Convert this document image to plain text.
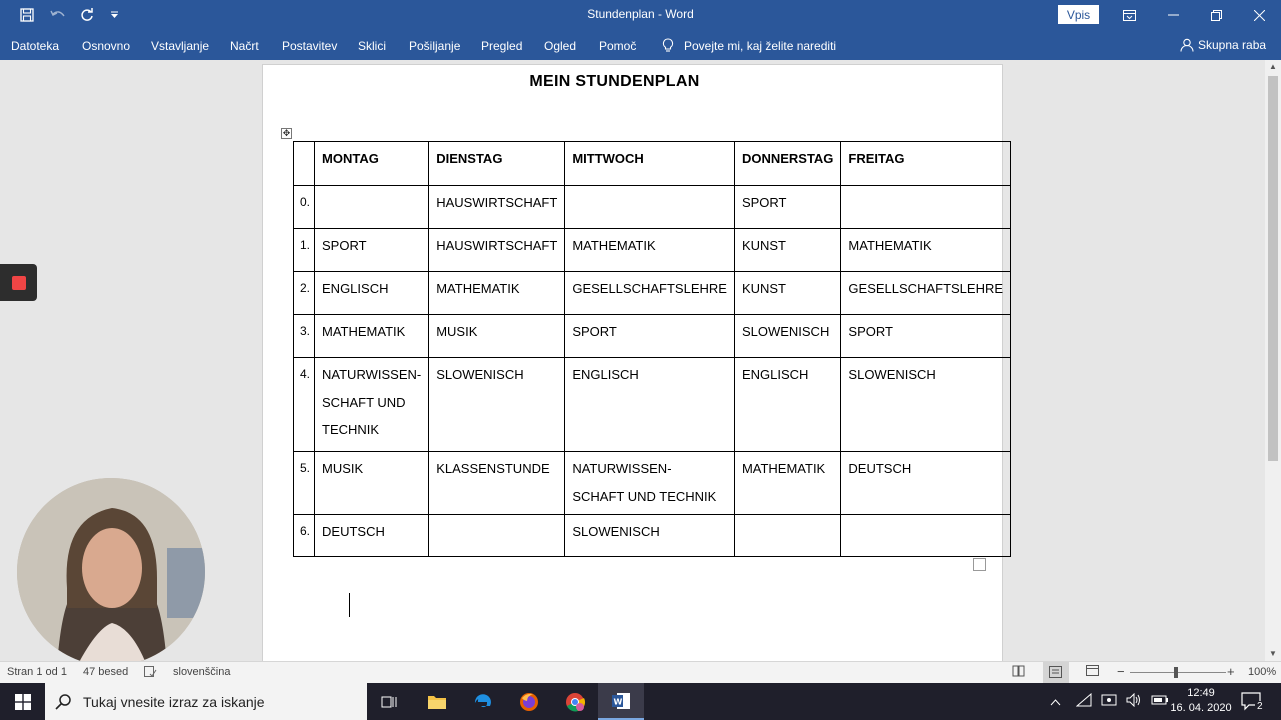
Stundenplan - Word	Vpis
Datoteka Osnovno Vstavljanje Načrt Postavitev Sklici Pošiljanje Pregled Ogled Pomoč	Povejte mi, kaj želite narediti	Skupna raba
MEIN STUNDENPLAN
✥
	MONTAG	DIENSTAG	MITTWOCH	DONNERSTAG	FREITAG
0.		HAUSWIRTSCHAFT		SPORT	
1.	SPORT	HAUSWIRTSCHAFT	MATHEMATIK	KUNST	MATHEMATIK
2.	ENGLISCH	MATHEMATIK	GESELLSCHAFTSLEHRE	KUNST	GESELLSCHAFTSLEHRE
3.	MATHEMATIK	MUSIK	SPORT	SLOWENISCH	SPORT
4.	NATURWISSEN-
SCHAFT UND
TECHNIK	SLOWENISCH	ENGLISCH	ENGLISCH	SLOWENISCH
5.	MUSIK	KLASSENSTUNDE	NATURWISSEN-
SCHAFT UND TECHNIK	MATHEMATIK	DEUTSCH
6.	DEUTSCH		SLOWENISCH		
▲
▼
Stran 1 od 1 47 besed	slovenščina	−	+ 100%
Tukaj vnesite izraz za iskanje	W
12:49
16. 04. 2020	2
